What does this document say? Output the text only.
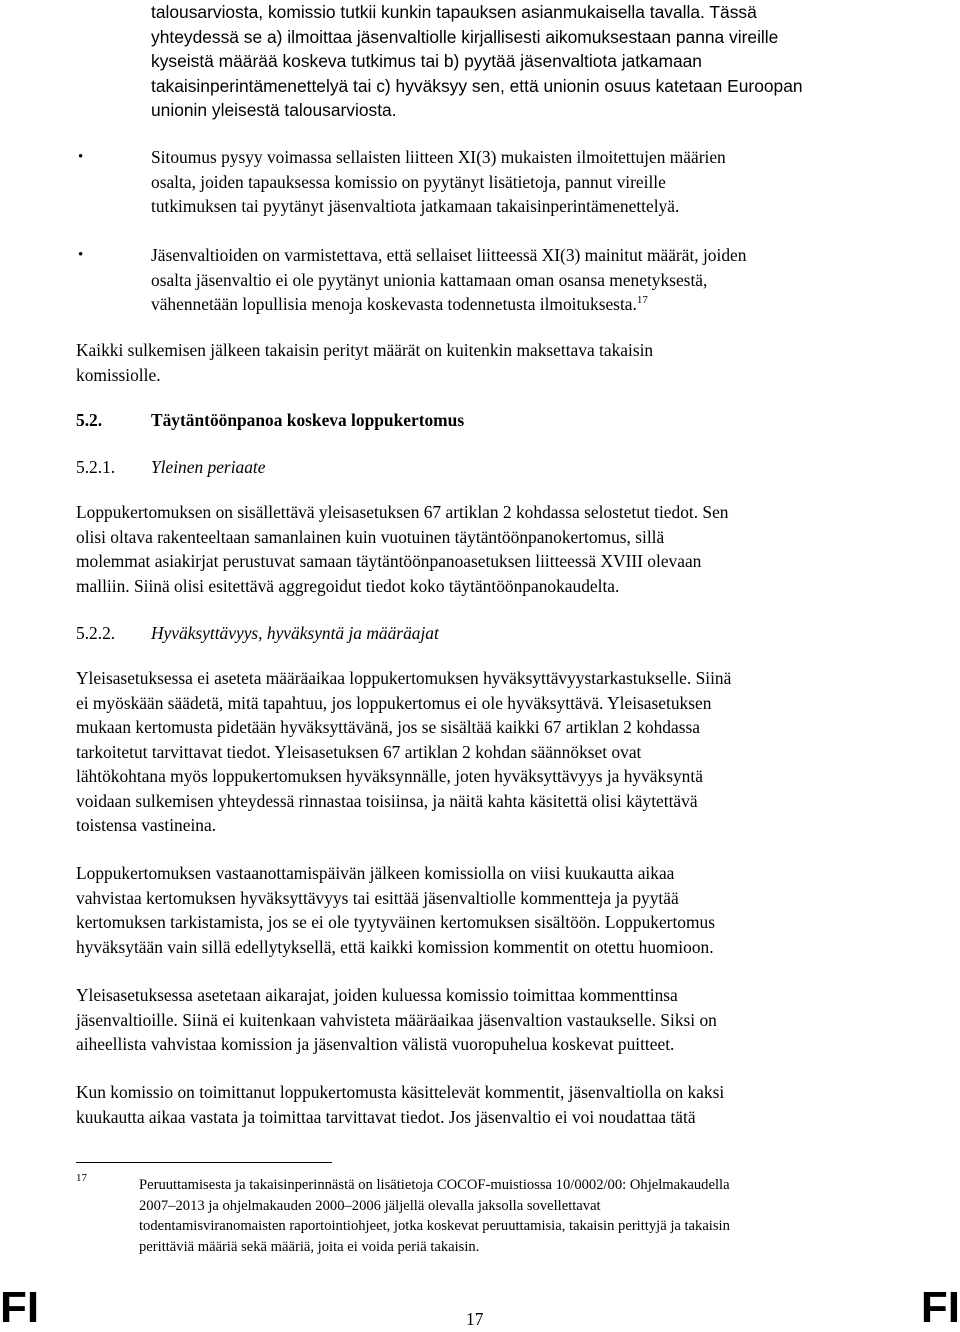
talousarviosta, komissio tutkii kunkin tapauksen asianmukaisella tavalla. Tässä
yhteydessä se a) ilmoittaa jäsenvaltiolle kirjallisesti aikomuksestaan panna vireille
kyseistä määrää koskeva tutkimus tai b) pyytää jäsenvaltiota jatkamaan
takaisinperintämenettelyä tai c) hyväksyy sen, että unionin osuus katetaan Euroopan
unionin yleisestä talousarviosta.

•	Sitoumus pysyy voimassa sellaisten liitteen XI(3) mukaisten ilmoitettujen määrien
osalta, joiden tapauksessa komissio on pyytänyt lisätietoja, pannut vireille
tutkimuksen tai pyytänyt jäsenvaltiota jatkamaan takaisinperintämenettelyä.

•	Jäsenvaltioiden on varmistettava, että sellaiset liitteessä XI(3) mainitut määrät, joiden
osalta jäsenvaltio ei ole pyytänyt unionia kattamaan oman osansa menetyksestä,
vähennetään lopullisia menoja koskevasta todennetusta ilmoituksesta.$^{17}$

Kaikki sulkemisen jälkeen takaisin perityt määrät on kuitenkin maksettava takaisin
komissiolle.

5.2.	Täytäntöönpanoa koskeva loppukertomus
5.2.1. Yleinen periaate

Loppukertomuksen on sisällettävä yleisasetuksen 67 artiklan 2 kohdassa selostetut tiedot. Sen
olisi oltava rakenteeltaan samanlainen kuin vuotuinen täytäntöönpanokertomus, sillä
molemmat asiakirjat perustuvat samaan täytäntöönpanoasetuksen liitteessä XVIII olevaan
malliin. Siinä olisi esitettävä aggregoidut tiedot koko täytäntöönpanokaudelta.

5.2.2. Hyväksyttävyys, hyväksyntä ja määräajat

Yleisasetuksessa ei aseteta määräaikaa loppukertomuksen hyväksyttävyystarkastukselle. Siinä
ei myöskään säädetä, mitä tapahtuu, jos loppukertomus ei ole hyväksyttävä. Yleisasetuksen
mukaan kertomusta pidetään hyväksyttävänä, jos se sisältää kaikki 67 artiklan 2 kohdassa
tarkoitetut tarvittavat tiedot. Yleisasetuksen 67 artiklan 2 kohdan säännökset ovat
lähtökohtana myös loppukertomuksen hyväksynnälle, joten hyväksyttävyys ja hyväksyntä
voidaan sulkemisen yhteydessä rinnastaa toisiinsa, ja näitä kahta käsitettä olisi käytettävä
toistensa vastineina.

Loppukertomuksen vastaanottamispäivän jälkeen komissiolla on viisi kuukautta aikaa
vahvistaa kertomuksen hyväksyttävyys tai esittää jäsenvaltiolle kommentteja ja pyytää
kertomuksen tarkistamista, jos se ei ole tyytyväinen kertomuksen sisältöön. Loppukertomus
hyväksytään vain sillä edellytyksellä, että kaikki komission kommentit on otettu huomioon.

Yleisasetuksessa asetetaan aikarajat, joiden kuluessa komissio toimittaa kommenttinsa
jäsenvaltioille. Siinä ei kuitenkaan vahvisteta määräaikaa jäsenvaltion vastaukselle. Siksi on
aiheellista vahvistaa komission ja jäsenvaltion välistä vuoropuhelua koskevat puitteet.

Kun komissio on toimittanut loppukertomusta käsittelevät kommentit, jäsenvaltiolla on kaksi
kuukautta aikaa vastata ja toimittaa tarvittavat tiedot. Jos jäsenvaltio ei voi noudattaa tätä

17	Peruuttamisesta ja takaisinperinnästä on lisätietoja COCOF-muistiossa 10/0002/00: Ohjelmakaudella
2007–2013 ja ohjelmakauden 2000–2006 jäljellä olevalla jaksolla sovellettavat
todentamisviranomaisten raportointiohjeet, jotka koskevat peruuttamisia, takaisin perittyjä ja takaisin
perittäviä määriä sekä määriä, joita ei voida periä takaisin.

FI	17	FI
